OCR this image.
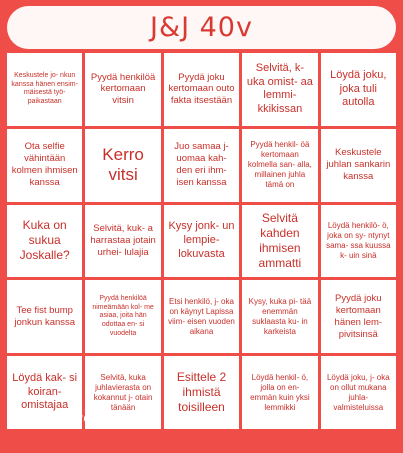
J&J 40v
Keskustele jo- nkun kanssa hänen ensim- mäisestä työ- paikastaan
Pyydä henkilöä kertomaan vitsin
Pyydä joku kertomaan outo fakta itsestään
Selvitä, k- uka omist- aa lemmi- kkikissan
Löydä joku, joka tuli autolla
Ota selfie vähintään kolmen ihmisen kanssa
Kerro vitsi
Juo samaa j- uomaa kah- den eri ihm- isen kanssa
Pyydä henkil- öä kertomaan kolmella san- alla, millainen juhla tämä on
Keskustele juhlan sankarin kanssa
Kuka on sukua Joskalle?
Selvitä, kuk- a harrastaa jotain urhei- lulajia
Kysy jonk- un lempie- lokuvasta
Selvitä kahden ihmisen ammatti
Löydä henkilö- ö, joka on sy- ntynyt sama- ssa kuussa k- uin sinä
Tee fist bump jonkun kanssa
Pyydä henkilöä nimeämään kol- me asiaa, joita hän odottaa en- si vuodelta
Etsi henkilö, j- oka on käynyt Lapissa viim- eisen vuoden aikana
Kysy, kuka pi- tää enemmän suklaasta ku- in karkeista
Pyydä joku kertomaan hänen lem- pivitsinsä
Löydä kak- si koiran- omistajaa
Selvitä, kuka juhlavierasta on kokannut j- otain tänään
Esittele 2 ihmistä toisilleen
Löydä henkil- ö, jolla on en- emmän kuin yksi lemmikki
Löydä joku, j- oka on ollut mukana juhla- valmisteluissa
BingoCardsFree.com
